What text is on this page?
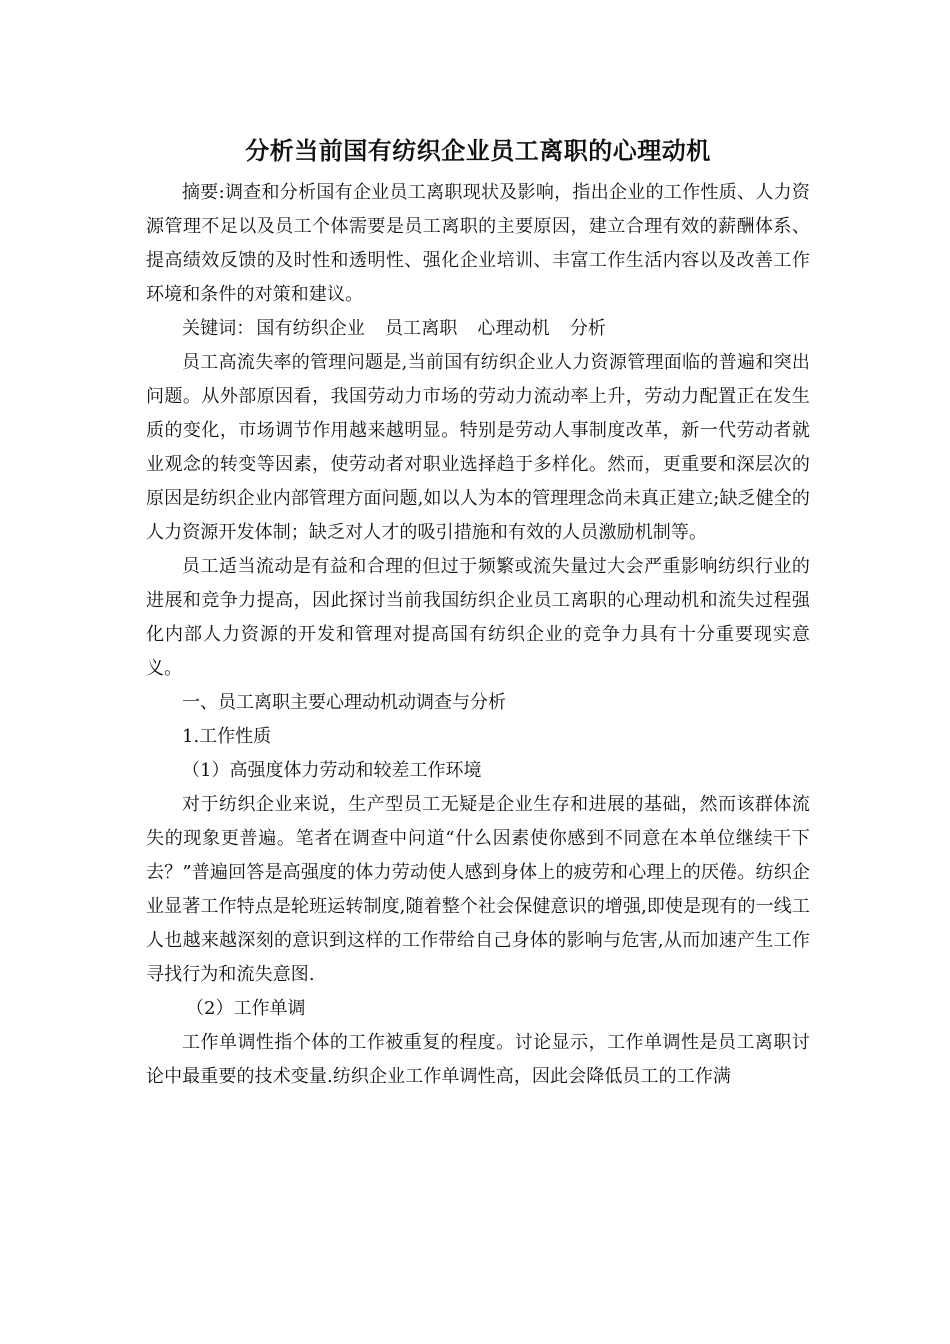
分析当前国有纺织企业员工离职的心理动机

摘要:调查和分析国有企业员工离职现状及影响，指出企业的工作性质、人力资源管理不足以及员工个体需要是员工离职的主要原因，建立合理有效的薪酬体系、提高绩效反馈的及时性和透明性、强化企业培训、丰富工作生活内容以及改善工作环境和条件的对策和建议。

关键词： 国有纺织企业 员工离职 心理动机 分析

员工高流失率的管理问题是,当前国有纺织企业人力资源管理面临的普遍和突出问题。从外部原因看，我国劳动力市场的劳动力流动率上升，劳动力配置正在发生质的变化，市场调节作用越来越明显。特别是劳动人事制度改革，新一代劳动者就业观念的转变等因素，使劳动者对职业选择趋于多样化。然而，更重要和深层次的原因是纺织企业内部管理方面问题,如以人为本的管理理念尚未真正建立;缺乏健全的人力资源开发体制；缺乏对人才的吸引措施和有效的人员激励机制等。

员工适当流动是有益和合理的但过于频繁或流失量过大会严重影响纺织行业的进展和竞争力提高，因此探讨当前我国纺织企业员工离职的心理动机和流失过程强化内部人力资源的开发和管理对提高国有纺织企业的竞争力具有十分重要现实意义。

一、员工离职主要心理动机动调查与分析

1.工作性质

（1）高强度体力劳动和较差工作环境

对于纺织企业来说，生产型员工无疑是企业生存和进展的基础，然而该群体流失的现象更普遍。笔者在调查中问道“什么因素使你感到不同意在本单位继续干下去？”普遍回答是高强度的体力劳动使人感到身体上的疲劳和心理上的厌倦。纺织企业显著工作特点是轮班运转制度,随着整个社会保健意识的增强,即使是现有的一线工人也越来越深刻的意识到这样的工作带给自己身体的影响与危害,从而加速产生工作寻找行为和流失意图.

（2）工作单调

工作单调性指个体的工作被重复的程度。讨论显示，工作单调性是员工离职讨论中最重要的技术变量.纺织企业工作单调性高，因此会降低员工的工作满
